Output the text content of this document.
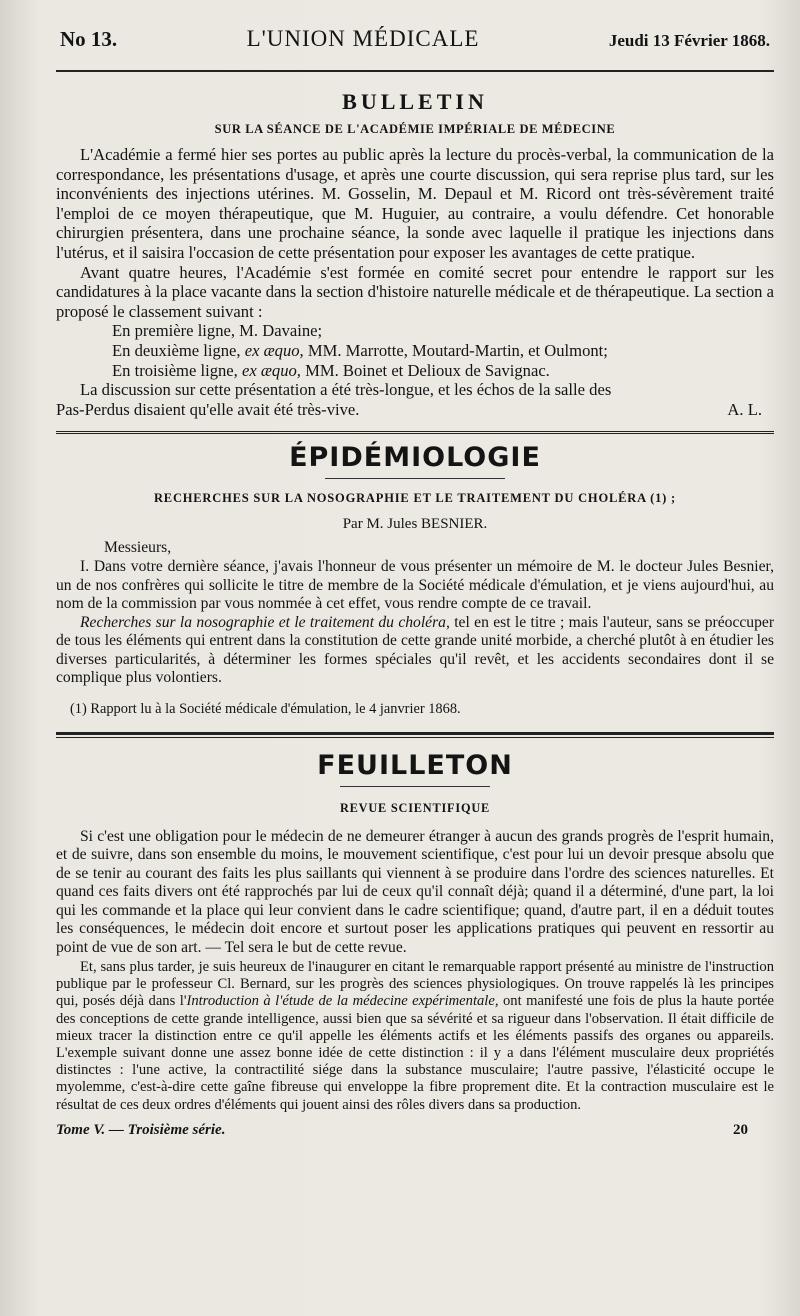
No 13.	L'UNION MÉDICALE	Jeudi 13 Février 1868.
BULLETIN
SUR LA SÉANCE DE L'ACADÉMIE IMPÉRIALE DE MÉDECINE

L'Académie a fermé hier ses portes au public après la lecture du procès-verbal, la communication de la correspondance, les présentations d'usage, et après une courte discussion, qui sera reprise plus tard, sur les inconvénients des injections utérines. M. Gosselin, M. Depaul et M. Ricord ont très-sévèrement traité l'emploi de ce moyen thérapeutique, que M. Huguier, au contraire, a voulu défendre. Cet honorable chirurgien présentera, dans une prochaine séance, la sonde avec laquelle il pratique les injections dans l'utérus, et il saisira l'occasion de cette présentation pour exposer les avantages de cette pratique.

Avant quatre heures, l'Académie s'est formée en comité secret pour entendre le rapport sur les candidatures à la place vacante dans la section d'histoire naturelle médicale et de thérapeutique. La section a proposé le classement suivant :

En première ligne, M. Davaine;
En deuxième ligne, ex æquo, MM. Marrotte, Moutard-Martin, et Oulmont;
En troisième ligne, ex æquo, MM. Boinet et Delioux de Savignac.
La discussion sur cette présentation a été très-longue, et les échos de la salle des
Pas-Perdus disaient qu'elle avait été très-vive.	A. L.
ÉPIDÉMIOLOGIE
RECHERCHES SUR LA NOSOGRAPHIE ET LE TRAITEMENT DU CHOLÉRA (1) ;
Par M. Jules BESNIER.
Messieurs,

I. Dans votre dernière séance, j'avais l'honneur de vous présenter un mémoire de M. le docteur Jules Besnier, un de nos confrères qui sollicite le titre de membre de la Société médicale d'émulation, et je viens aujourd'hui, au nom de la commission par vous nommée à cet effet, vous rendre compte de ce travail.

Recherches sur la nosographie et le traitement du choléra, tel en est le titre ; mais l'auteur, sans se préoccuper de tous les éléments qui entrent dans la constitution de cette grande unité morbide, a cherché plutôt à en étudier les diverses particularités, à déterminer les formes spéciales qu'il revêt, et les accidents secondaires dont il se complique plus volontiers.

(1) Rapport lu à la Société médicale d'émulation, le 4 janvrier 1868.
FEUILLETON
REVUE SCIENTIFIQUE

Si c'est une obligation pour le médecin de ne demeurer étranger à aucun des grands progrès de l'esprit humain, et de suivre, dans son ensemble du moins, le mouvement scientifique, c'est pour lui un devoir presque absolu que de se tenir au courant des faits les plus saillants qui viennent à se produire dans l'ordre des sciences naturelles. Et quand ces faits divers ont été rapprochés par lui de ceux qu'il connaît déjà; quand il a déterminé, d'une part, la loi qui les commande et la place qui leur convient dans le cadre scientifique; quand, d'autre part, il en a déduit toutes les conséquences, le médecin doit encore et surtout poser les applications pratiques qui peuvent en ressortir au point de vue de son art. — Tel sera le but de cette revue.

Et, sans plus tarder, je suis heureux de l'inaugurer en citant le remarquable rapport présenté au ministre de l'instruction publique par le professeur Cl. Bernard, sur les progrès des sciences physiologiques. On trouve rappelés là les principes qui, posés déjà dans l'Introduction à l'étude de la médecine expérimentale, ont manifesté une fois de plus la haute portée des conceptions de cette grande intelligence, aussi bien que sa sévérité et sa rigueur dans l'observation. Il était difficile de mieux tracer la distinction entre ce qu'il appelle les éléments actifs et les éléments passifs des organes ou appareils. L'exemple suivant donne une assez bonne idée de cette distinction : il y a dans l'élément musculaire deux propriétés distinctes : l'une active, la contractilité siége dans la substance musculaire; l'autre passive, l'élasticité occupe le myolemme, c'est-à-dire cette gaîne fibreuse qui enveloppe la fibre proprement dite. Et la contraction musculaire est le résultat de ces deux ordres d'éléments qui jouent ainsi des rôles divers dans sa production.

Tome V. — Troisième série.	20
